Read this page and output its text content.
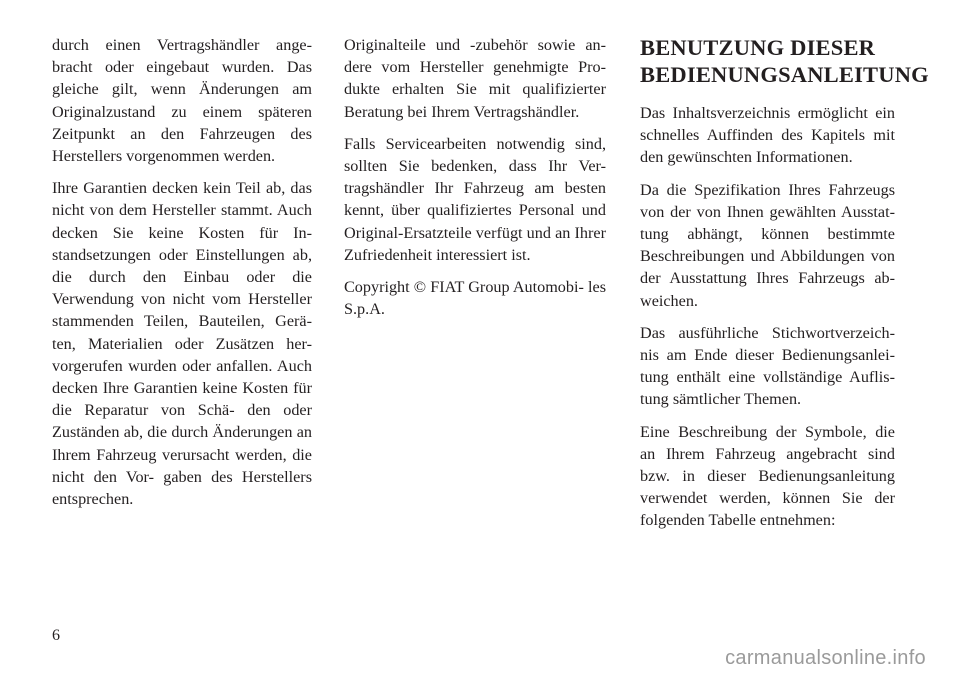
durch einen Vertragshändler ange- bracht oder eingebaut wurden. Das gleiche gilt, wenn Änderungen am Originalzustand zu einem späteren Zeitpunkt an den Fahrzeugen des Herstellers vorgenommen werden.

Ihre Garantien decken kein Teil ab, das nicht von dem Hersteller stammt. Auch decken Sie keine Kosten für In- standsetzungen oder Einstellungen ab, die durch den Einbau oder die Verwendung von nicht vom Hersteller stammenden Teilen, Bauteilen, Gerä- ten, Materialien oder Zusätzen her- vorgerufen wurden oder anfallen. Auch decken Ihre Garantien keine Kosten für die Reparatur von Schä- den oder Zuständen ab, die durch Änderungen an Ihrem Fahrzeug verursacht werden, die nicht den Vor- gaben des Herstellers entsprechen.

Originalteile und -zubehör sowie an- dere vom Hersteller genehmigte Pro- dukte erhalten Sie mit qualifizierter Beratung bei Ihrem Vertragshändler.

Falls Servicearbeiten notwendig sind, sollten Sie bedenken, dass Ihr Ver- tragshändler Ihr Fahrzeug am besten kennt, über qualifiziertes Personal und Original-Ersatzteile verfügt und an Ihrer Zufriedenheit interessiert ist.

Copyright © FIAT Group Automobi- les S.p.A.

BENUTZUNG DIESER BEDIENUNGSANLEITUNG

Das Inhaltsverzeichnis ermöglicht ein schnelles Auffinden des Kapitels mit den gewünschten Informationen.

Da die Spezifikation Ihres Fahrzeugs von der von Ihnen gewählten Ausstat- tung abhängt, können bestimmte Beschreibungen und Abbildungen von der Ausstattung Ihres Fahrzeugs ab- weichen.

Das ausführliche Stichwortverzeich- nis am Ende dieser Bedienungsanlei- tung enthält eine vollständige Auflis- tung sämtlicher Themen.

Eine Beschreibung der Symbole, die an Ihrem Fahrzeug angebracht sind bzw. in dieser Bedienungsanleitung verwendet werden, können Sie der folgenden Tabelle entnehmen:

6
carmanualsonline.info
